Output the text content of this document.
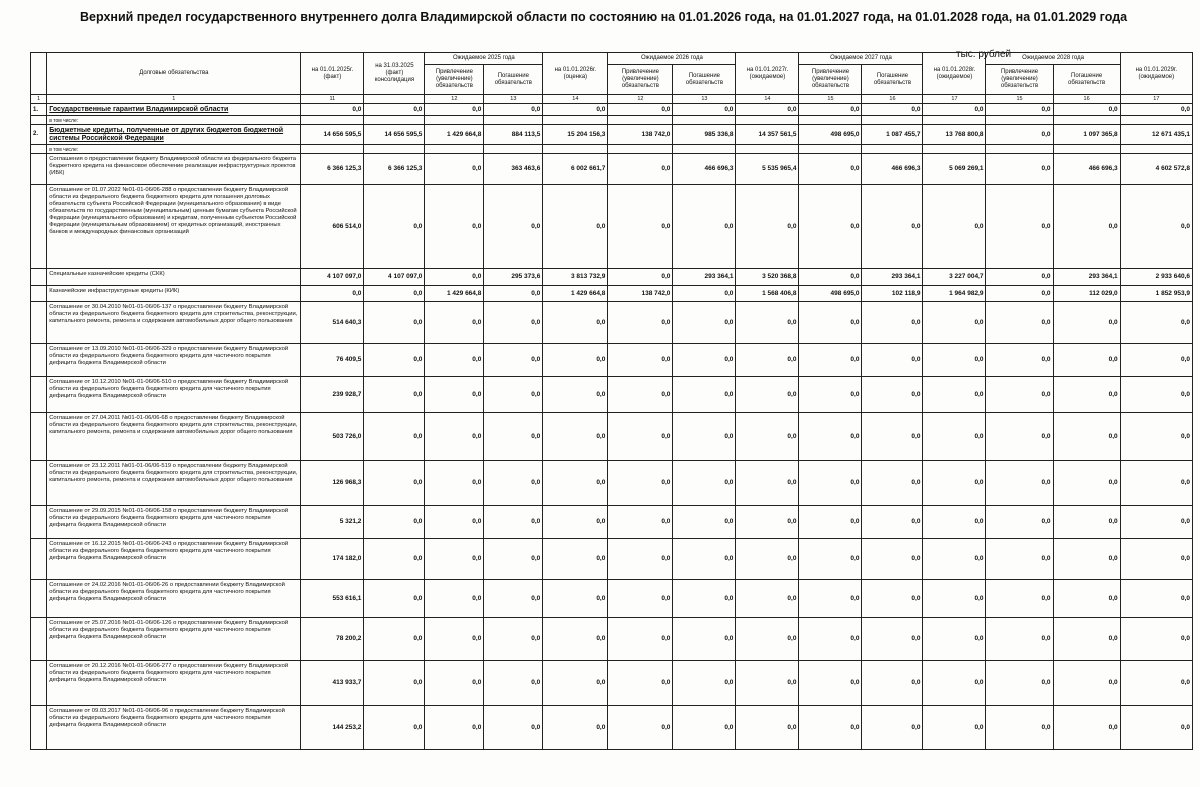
Верхний предел государственного внутреннего долга Владимирской области по состоянию на 01.01.2026 года, на 01.01.2027 года, на 01.01.2028 года, на 01.01.2029 года
тыс. рублей
	Долговые обязательства	на 01.01.2025г. (факт)	на 31.03.2025 (факт) консолидация	Ожидаемое 2025 года		на 01.01.2026г. (оценка)	Ожидаемое 2026 года		на 01.01.2027г. (ожидаемое)	Ожидаемое 2027 года		на 01.01.2028г. (ожидаемое)	Ожидаемое 2028 года		на 01.01.2029г. (ожидаемое)
				Привлечение (увеличение) обязательств	Погашение обязательств		Привлечение (увеличение) обязательств	Погашение обязательств		Привлечение (увеличение) обязательств	Погашение обязательств		Привлечение (увеличение) обязательств	Погашение обязательств	
1	1	11		12	13	14	12	13	14	15	16	17	15	16	17
1.	Государственные гарантии Владимирской области	0,0	0,0	0,0	0,0	0,0	0,0	0,0	0,0	0,0	0,0	0,0	0,0	0,0	0,0
	в том числе:														
2.	Бюджетные кредиты, полученные от других бюджетов бюджетной системы Российской Федерации	14 656 595,5	14 656 595,5	1 429 664,8	884 113,5	15 204 156,3	138 742,0	985 336,8	14 357 561,5	498 695,0	1 087 455,7	13 768 800,8	0,0	1 097 365,8	12 671 435,1
	в том числе:														
	Соглашения о предоставлении бюджету Владимирской области из федерального бюджета бюджетного кредита на финансовое обеспечение реализации инфраструктурных проектов (ИБК)	6 366 125,3	6 366 125,3	0,0	363 463,6	6 002 661,7	0,0	466 696,3	5 535 965,4	0,0	466 696,3	5 069 269,1	0,0	466 696,3	4 602 572,8
	Соглашение от 01.07.2022 №01-01-06/06-288 о предоставлении бюджету Владимирской области из федерального бюджета бюджетного кредита для погашения долговых обязательств субъекта Российской Федерации (муниципального образования) в виде обязательств по государственным (муниципальным) ценным бумагам субъекта Российской Федерации (муниципального образования) и кредитам, полученным субъектом Российской Федерации (муниципальным образованием) от кредитных организаций, иностранных банков и международных финансовых организаций	606 514,0	0,0	0,0	0,0	0,0	0,0	0,0	0,0	0,0	0,0	0,0	0,0	0,0	0,0
	Специальные казначейские кредиты (СКК)	4 107 097,0	4 107 097,0	0,0	295 373,6	3 813 732,9	0,0	293 364,1	3 520 368,8	0,0	293 364,1	3 227 004,7	0,0	293 364,1	2 933 640,6
	Казначейские инфраструктурные кредиты (КИК)	0,0	0,0	1 429 664,8	0,0	1 429 664,8	138 742,0	0,0	1 568 406,8	498 695,0	102 118,9	1 964 982,9	0,0	112 029,0	1 852 953,9
	Соглашение от 30.04.2010 №01-01-06/06-137 о предоставлении бюджету Владимирской области из федерального бюджета бюджетного кредита для строительства, реконструкции, капитального ремонта, ремонта и содержания автомобильных дорог общего пользования	514 640,3	0,0	0,0	0,0	0,0	0,0	0,0	0,0	0,0	0,0	0,0	0,0	0,0	0,0
	Соглашение от 13.09.2010 №01-01-06/06-329 о предоставлении бюджету Владимирской области из федерального бюджета бюджетного кредита для частичного покрытия дефицита бюджета Владимирской области	76 409,5	0,0	0,0	0,0	0,0	0,0	0,0	0,0	0,0	0,0	0,0	0,0	0,0	0,0
	Соглашение от 10.12.2010 №01-01-06/06-510 о предоставлении бюджету Владимирской области из федерального бюджета бюджетного кредита для частичного покрытия дефицита бюджета Владимирской области	239 928,7	0,0	0,0	0,0	0,0	0,0	0,0	0,0	0,0	0,0	0,0	0,0	0,0	0,0
	Соглашение от 27.04.2011 №01-01-06/06-68 о предоставлении бюджету Владимирской области из федерального бюджета бюджетного кредита для строительства, реконструкции, капитального ремонта, ремонта и содержания автомобильных дорог общего пользования	503 726,0	0,0	0,0	0,0	0,0	0,0	0,0	0,0	0,0	0,0	0,0	0,0	0,0	0,0
	Соглашение от 23.12.2011 №01-01-06/06-519 о предоставлении бюджету Владимирской области из федерального бюджета бюджетного кредита для строительства, реконструкции, капитального ремонта, ремонта и содержания автомобильных дорог общего пользования	126 968,3	0,0	0,0	0,0	0,0	0,0	0,0	0,0	0,0	0,0	0,0	0,0	0,0	0,0
	Соглашение от 29.09.2015 №01-01-06/06-158 о предоставлении бюджету Владимирской области из федерального бюджета бюджетного кредита для частичного покрытия дефицита бюджета Владимирской области	5 321,2	0,0	0,0	0,0	0,0	0,0	0,0	0,0	0,0	0,0	0,0	0,0	0,0	0,0
	Соглашение от 16.12.2015 №01-01-06/06-243 о предоставлении бюджету Владимирской области из федерального бюджета бюджетного кредита для частичного покрытия дефицита бюджета Владимирской области	174 182,0	0,0	0,0	0,0	0,0	0,0	0,0	0,0	0,0	0,0	0,0	0,0	0,0	0,0
	Соглашение от 24.02.2016 №01-01-06/06-26 о предоставлении бюджету Владимирской области из федерального бюджета бюджетного кредита для частичного покрытия дефицита бюджета Владимирской области	553 616,1	0,0	0,0	0,0	0,0	0,0	0,0	0,0	0,0	0,0	0,0	0,0	0,0	0,0
	Соглашение от 25.07.2016 №01-01-06/06-126 о предоставлении бюджету Владимирской области из федерального бюджета бюджетного кредита для частичного покрытия дефицита бюджета Владимирской области	78 200,2	0,0	0,0	0,0	0,0	0,0	0,0	0,0	0,0	0,0	0,0	0,0	0,0	0,0
	Соглашение от 20.12.2016 №01-01-06/06-277 о предоставлении бюджету Владимирской области из федерального бюджета бюджетного кредита для частичного покрытия дефицита бюджета Владимирской области	413 933,7	0,0	0,0	0,0	0,0	0,0	0,0	0,0	0,0	0,0	0,0	0,0	0,0	0,0
	Соглашение от 09.03.2017 №01-01-06/06-96 о предоставлении бюджету Владимирской области из федерального бюджета бюджетного кредита для частичного покрытия дефицита бюджета Владимирской области	144 253,2	0,0	0,0	0,0	0,0	0,0	0,0	0,0	0,0	0,0	0,0	0,0	0,0	0,0
